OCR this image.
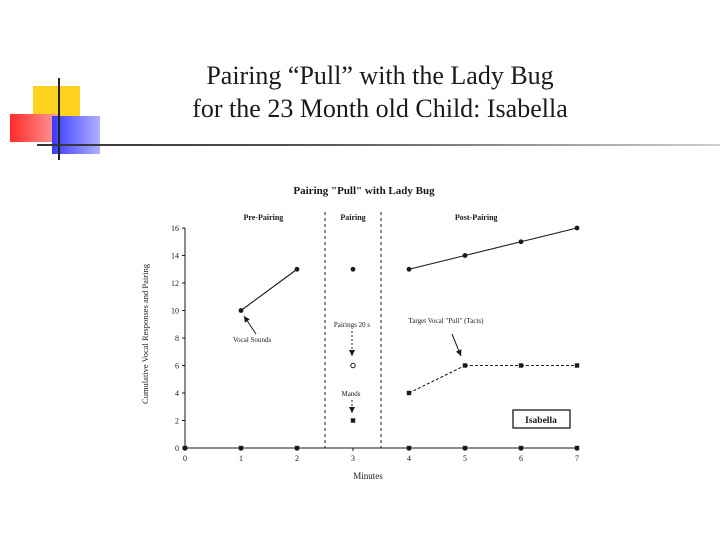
Pairing “Pull” with the Lady Bug
for the 23 Month old Child: Isabella
Pairing "Pull" with Lady Bug
Minutes
Cumulative Vocal Responses and Pairing
Isabella
0	1	2	3	4	5	6	7
0
2
4
6
8
10
12
14
16
Pre-Pairing	Pairing	Post-Pairing
Vocal Sounds
Pairings 20 s	Target Vocal "Pull" (Tacts)
Mands
